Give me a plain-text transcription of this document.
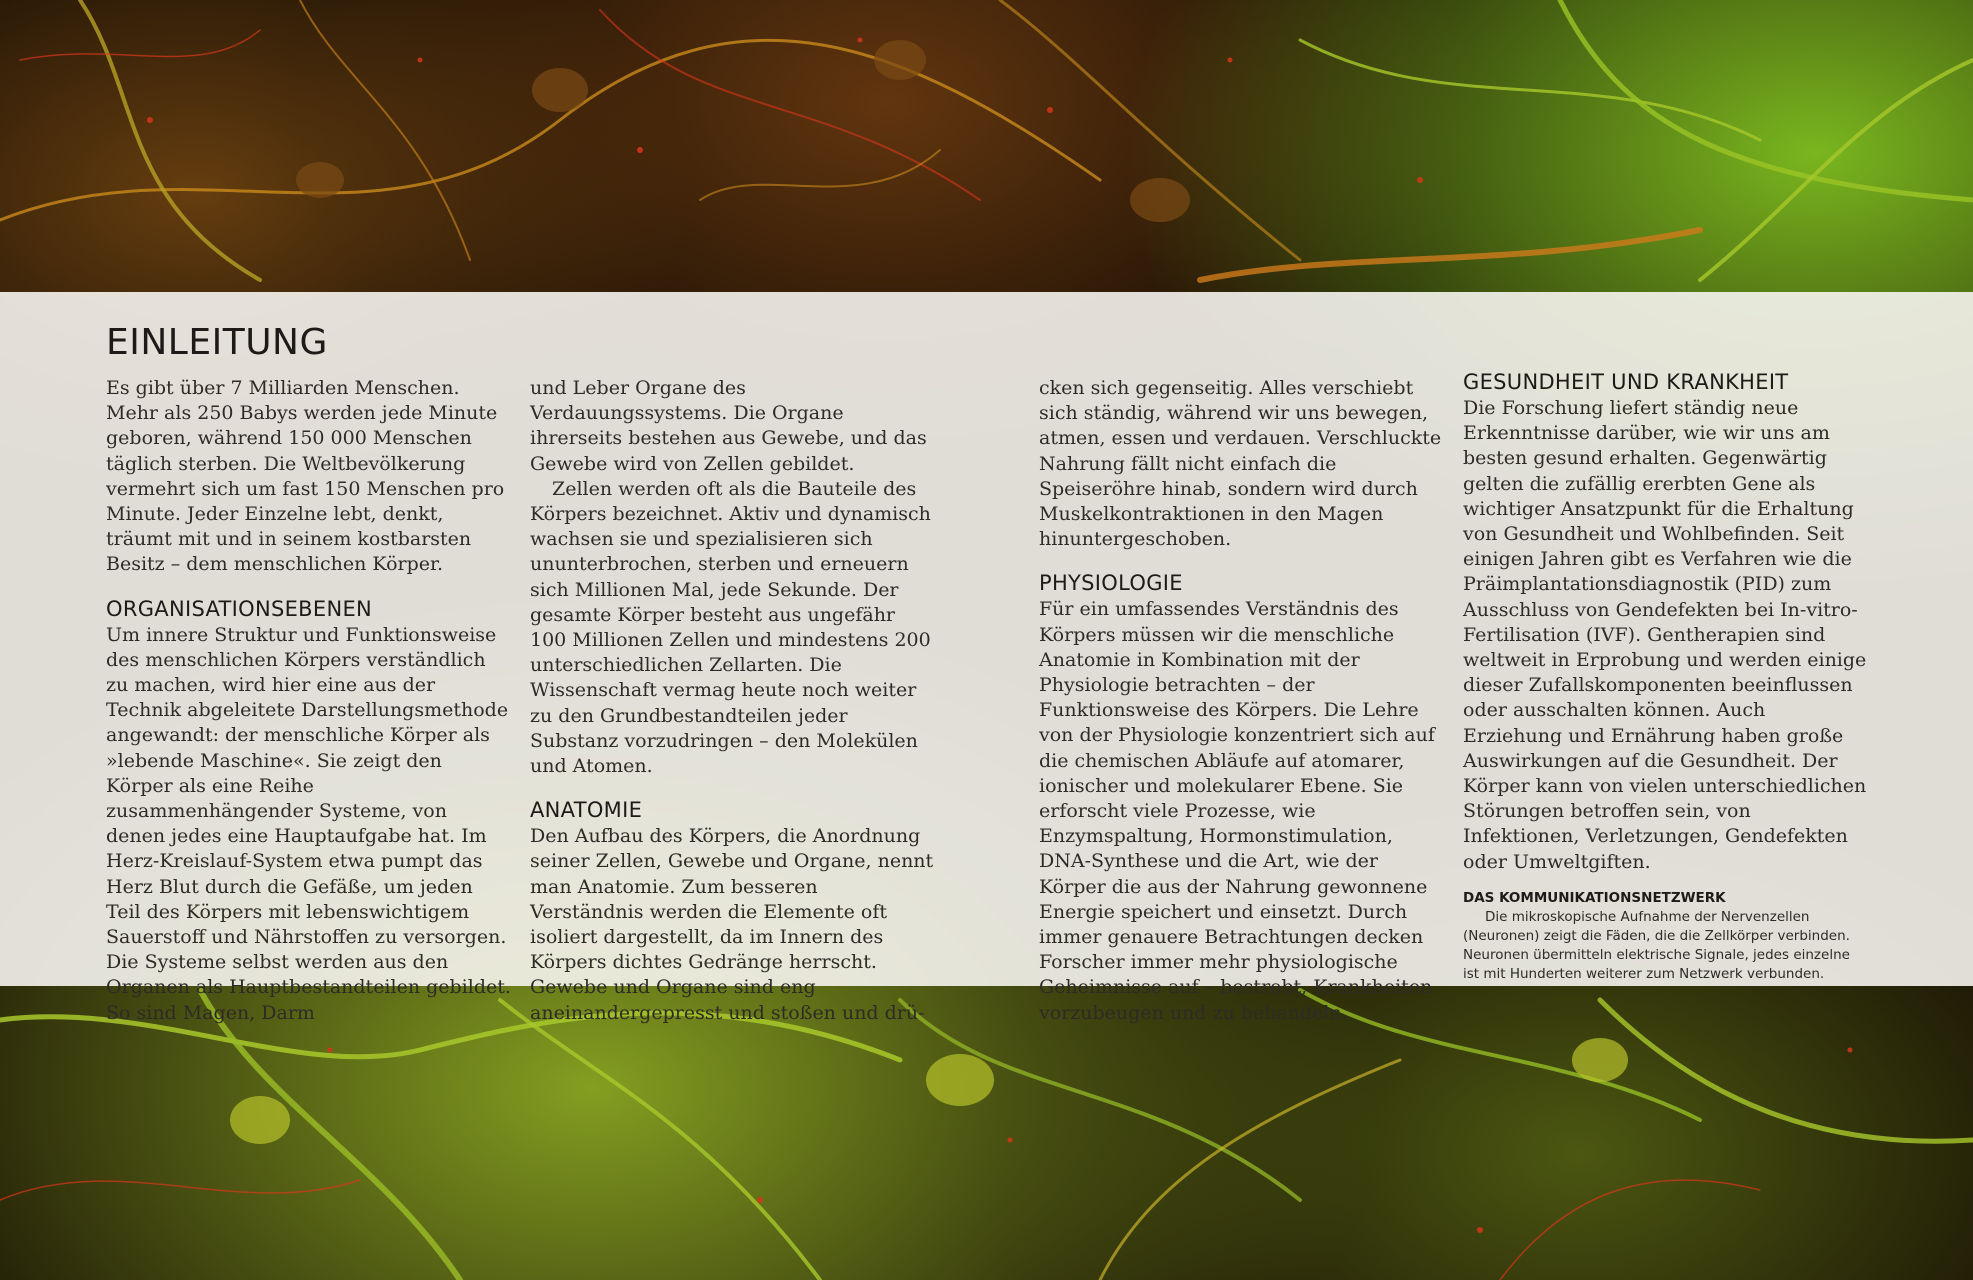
EINLEITUNG

Es gibt über 7 Milliarden Menschen. Mehr als 250 Babys werden jede Minute geboren, während 150 000 Menschen täglich sterben. Die Weltbevölkerung vermehrt sich um fast 150 Menschen pro Minute. Jeder Einzelne lebt, denkt, träumt mit und in seinem kostbarsten Besitz – dem menschlichen Körper.

ORGANISATIONSEBENEN

Um innere Struktur und Funktionsweise des menschlichen Körpers verständlich zu machen, wird hier eine aus der Technik abgeleitete Darstellungsmethode angewandt: der menschliche Körper als »lebende Maschine«. Sie zeigt den Körper als eine Reihe zusammenhängender Systeme, von denen jedes eine Hauptaufgabe hat. Im Herz-Kreislauf-System etwa pumpt das Herz Blut durch die Gefäße, um jeden Teil des Körpers mit lebenswichtigem Sauerstoff und Nährstoffen zu versorgen. Die Systeme selbst werden aus den Organen als Hauptbestandteilen gebildet. So sind Magen, Darm

und Leber Organe des Verdauungssystems. Die Organe ihrerseits bestehen aus Gewebe, und das Gewebe wird von Zellen gebildet.

Zellen werden oft als die Bauteile des Körpers bezeichnet. Aktiv und dynamisch wachsen sie und spezialisieren sich ununterbrochen, sterben und erneuern sich Millionen Mal, jede Sekunde. Der gesamte Körper besteht aus ungefähr 100 Millionen Zellen und mindestens 200 unterschiedlichen Zellarten. Die Wissenschaft vermag heute noch weiter zu den Grundbestandteilen jeder Substanz vorzudringen – den Molekülen und Atomen.

ANATOMIE

Den Aufbau des Körpers, die Anordnung seiner Zellen, Gewebe und Organe, nennt man Anatomie. Zum besseren Verständnis werden die Elemente oft isoliert dargestellt, da im Innern des Körpers dichtes Gedränge herrscht. Gewebe und Organe sind eng aneinandergepresst und stoßen und drü-

cken sich gegenseitig. Alles verschiebt sich ständig, während wir uns bewegen, atmen, essen und verdauen. Verschluckte Nahrung fällt nicht einfach die Speiseröhre hinab, sondern wird durch Muskelkontraktionen in den Magen hinuntergeschoben.

PHYSIOLOGIE

Für ein umfassendes Verständnis des Körpers müssen wir die menschliche Anatomie in Kombination mit der Physiologie betrachten – der Funktionsweise des Körpers. Die Lehre von der Physiologie konzentriert sich auf die chemischen Abläufe auf atomarer, ionischer und molekularer Ebene. Sie erforscht viele Prozesse, wie Enzymspaltung, Hormonstimulation, DNA-Synthese und die Art, wie der Körper die aus der Nahrung gewonnene Energie speichert und einsetzt. Durch immer genauere Betrachtungen decken Forscher immer mehr physiologische Geheimnisse auf – bestrebt, Krankheiten vorzubeugen und zu behandeln.

GESUNDHEIT UND KRANKHEIT

Die Forschung liefert ständig neue Erkenntnisse darüber, wie wir uns am besten gesund erhalten. Gegenwärtig gelten die zufällig ererbten Gene als wichtiger Ansatzpunkt für die Erhaltung von Gesundheit und Wohlbefinden. Seit einigen Jahren gibt es Verfahren wie die Präimplantationsdiagnostik (PID) zum Ausschluss von Gendefekten bei In-vitro-Fertilisation (IVF). Gentherapien sind weltweit in Erprobung und werden einige dieser Zufallskomponenten beeinflussen oder ausschalten können. Auch Erziehung und Ernährung haben große Auswirkungen auf die Gesundheit. Der Körper kann von vielen unterschiedlichen Störungen betroffen sein, von Infektionen, Verletzungen, Gendefekten oder Umweltgiften.

DAS KOMMUNIKATIONSNETZWERK

Die mikroskopische Aufnahme der Nervenzellen (Neuronen) zeigt die Fäden, die die Zellkörper verbinden. Neuronen übermitteln elektrische Signale, jedes einzelne ist mit Hunderten weiterer zum Netzwerk verbunden.
